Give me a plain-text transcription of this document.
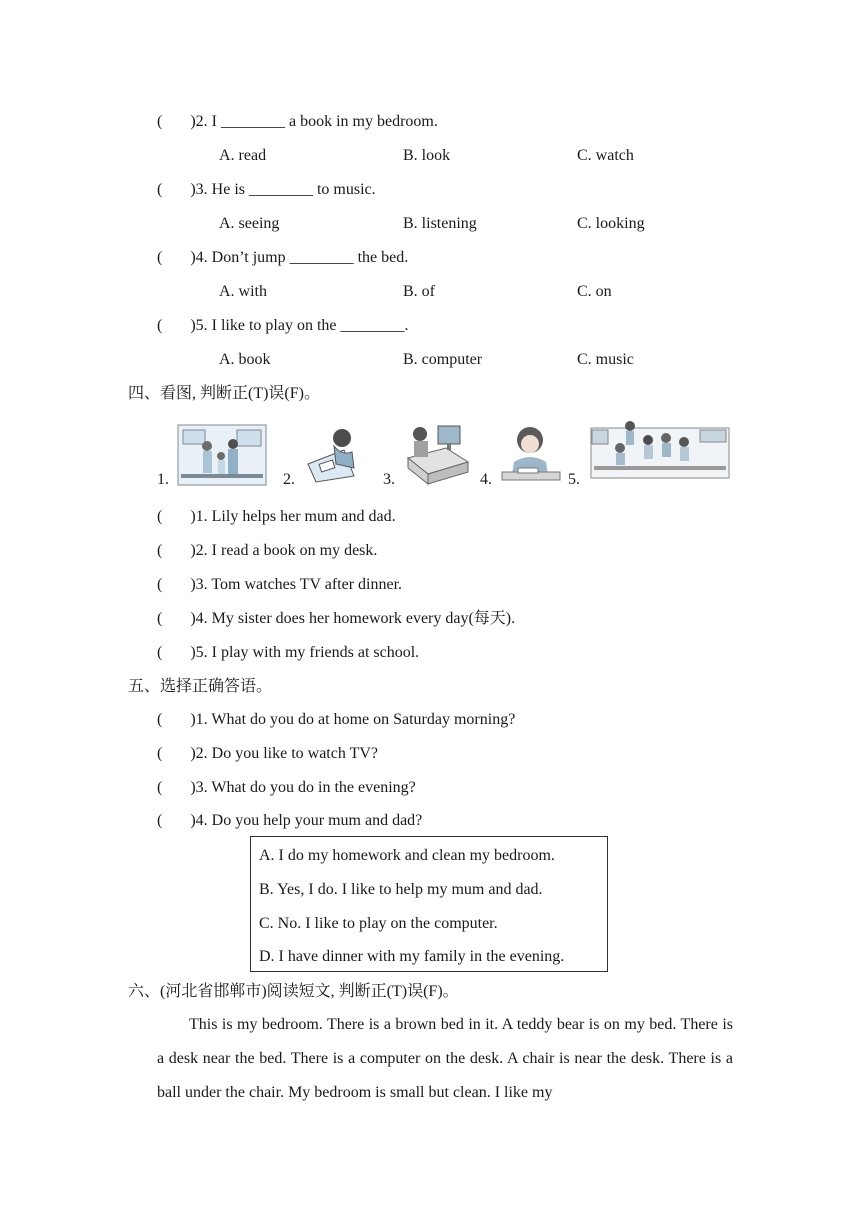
(       )2. I ________ a book in my bedroom.
A. read	B. look	C. watch
(       )3. He is ________ to music.
A. seeing	B. listening	C. looking
(       )4. Don’t jump ________ the bed.
A. with	B. of	C. on
(       )5. I like to play on the ________.
A. book	B. computer	C. music
四、看图, 判断正(T)误(F)。
1.	2.	3.	4.	5.
(       )1. Lily helps her mum and dad.
(       )2. I read a book on my desk.
(       )3. Tom watches TV after dinner.
(       )4. My sister does her homework every day(每天).
(       )5. I play with my friends at school.
五、选择正确答语。
(       )1. What do you do at home on Saturday morning?
(       )2. Do you like to watch TV?
(       )3. What do you do in the evening?
(       )4. Do you help your mum and dad?
A. I do my homework and clean my bedroom.
B. Yes, I do. I like to help my mum and dad.
C. No. I like to play on the computer.
D. I have dinner with my family in the evening.
六、(河北省邯郸市)阅读短文, 判断正(T)误(F)。

This is my bedroom. There is a brown bed in it. A teddy bear is on my bed. There is a desk near the bed. There is a computer on the desk. A chair is near the desk. There is a ball under the chair. My bedroom is small but clean. I like my
